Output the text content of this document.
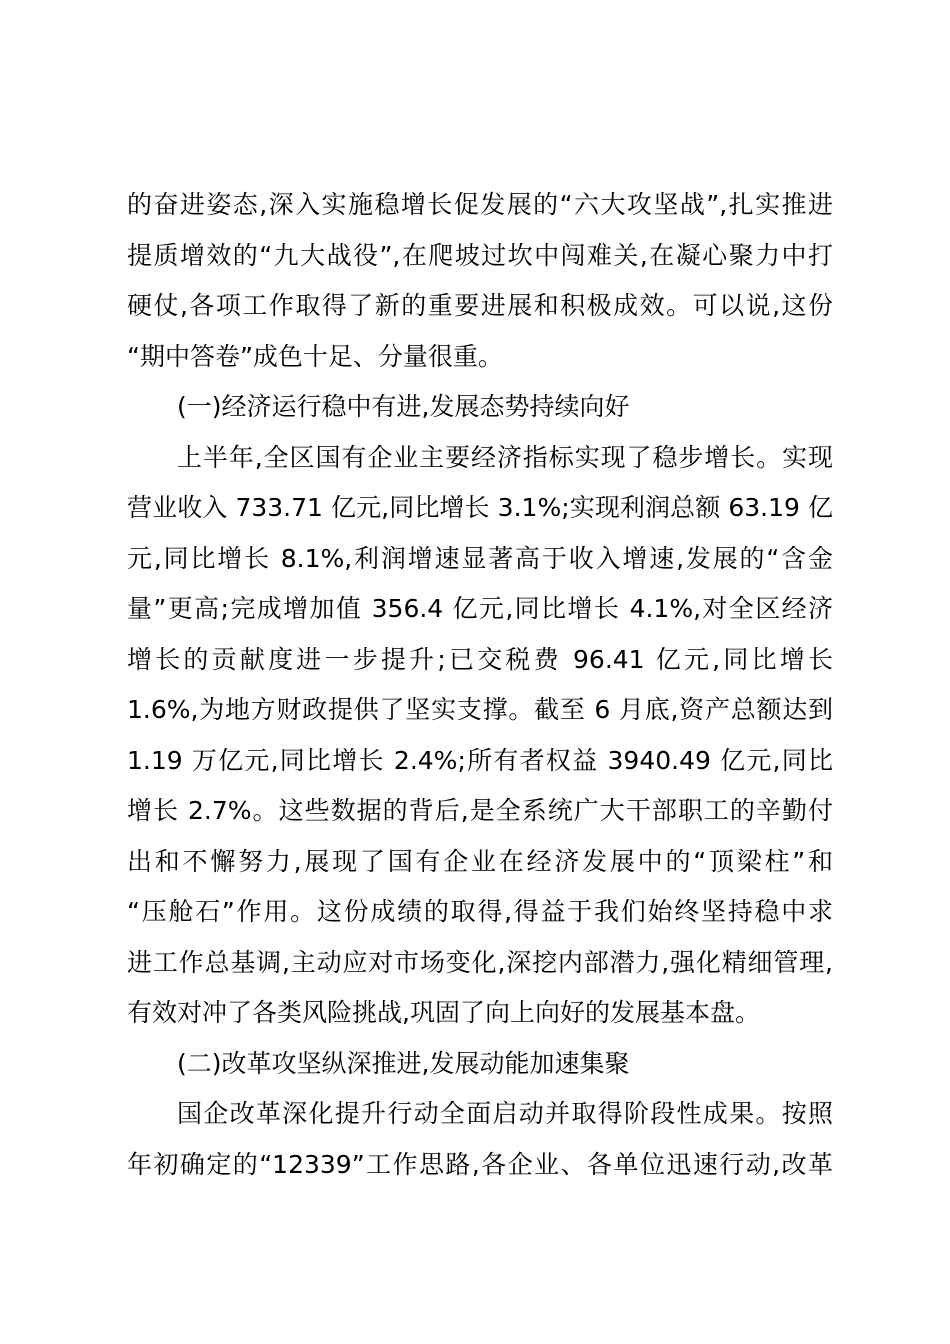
的奋进姿态,深入实施稳增长促发展的“六大攻坚战”,扎实推进
提质增效的“九大战役”,在爬坡过坎中闯难关,在凝心聚力中打
硬仗,各项工作取得了新的重要进展和积极成效。可以说,这份
“期中答卷”成色十足、分量很重。
(一)经济运行稳中有进,发展态势持续向好
上半年,全区国有企业主要经济指标实现了稳步增长。实现
营业收入 733.71 亿元,同比增长 3.1%;实现利润总额 63.19 亿
元,同比增长 8.1%,利润增速显著高于收入增速,发展的“含金
量”更高;完成增加值 356.4 亿元,同比增长 4.1%,对全区经济
增长的贡献度进一步提升;已交税费 96.41 亿元,同比增长
1.6%,为地方财政提供了坚实支撑。截至 6 月底,资产总额达到
1.19 万亿元,同比增长 2.4%;所有者权益 3940.49 亿元,同比
增长 2.7%。这些数据的背后,是全系统广大干部职工的辛勤付
出和不懈努力,展现了国有企业在经济发展中的“顶梁柱”和
“压舱石”作用。这份成绩的取得,得益于我们始终坚持稳中求
进工作总基调,主动应对市场变化,深挖内部潜力,强化精细管理,
有效对冲了各类风险挑战,巩固了向上向好的发展基本盘。
(二)改革攻坚纵深推进,发展动能加速集聚
国企改革深化提升行动全面启动并取得阶段性成果。按照
年初确定的“12339”工作思路,各企业、各单位迅速行动,改革
